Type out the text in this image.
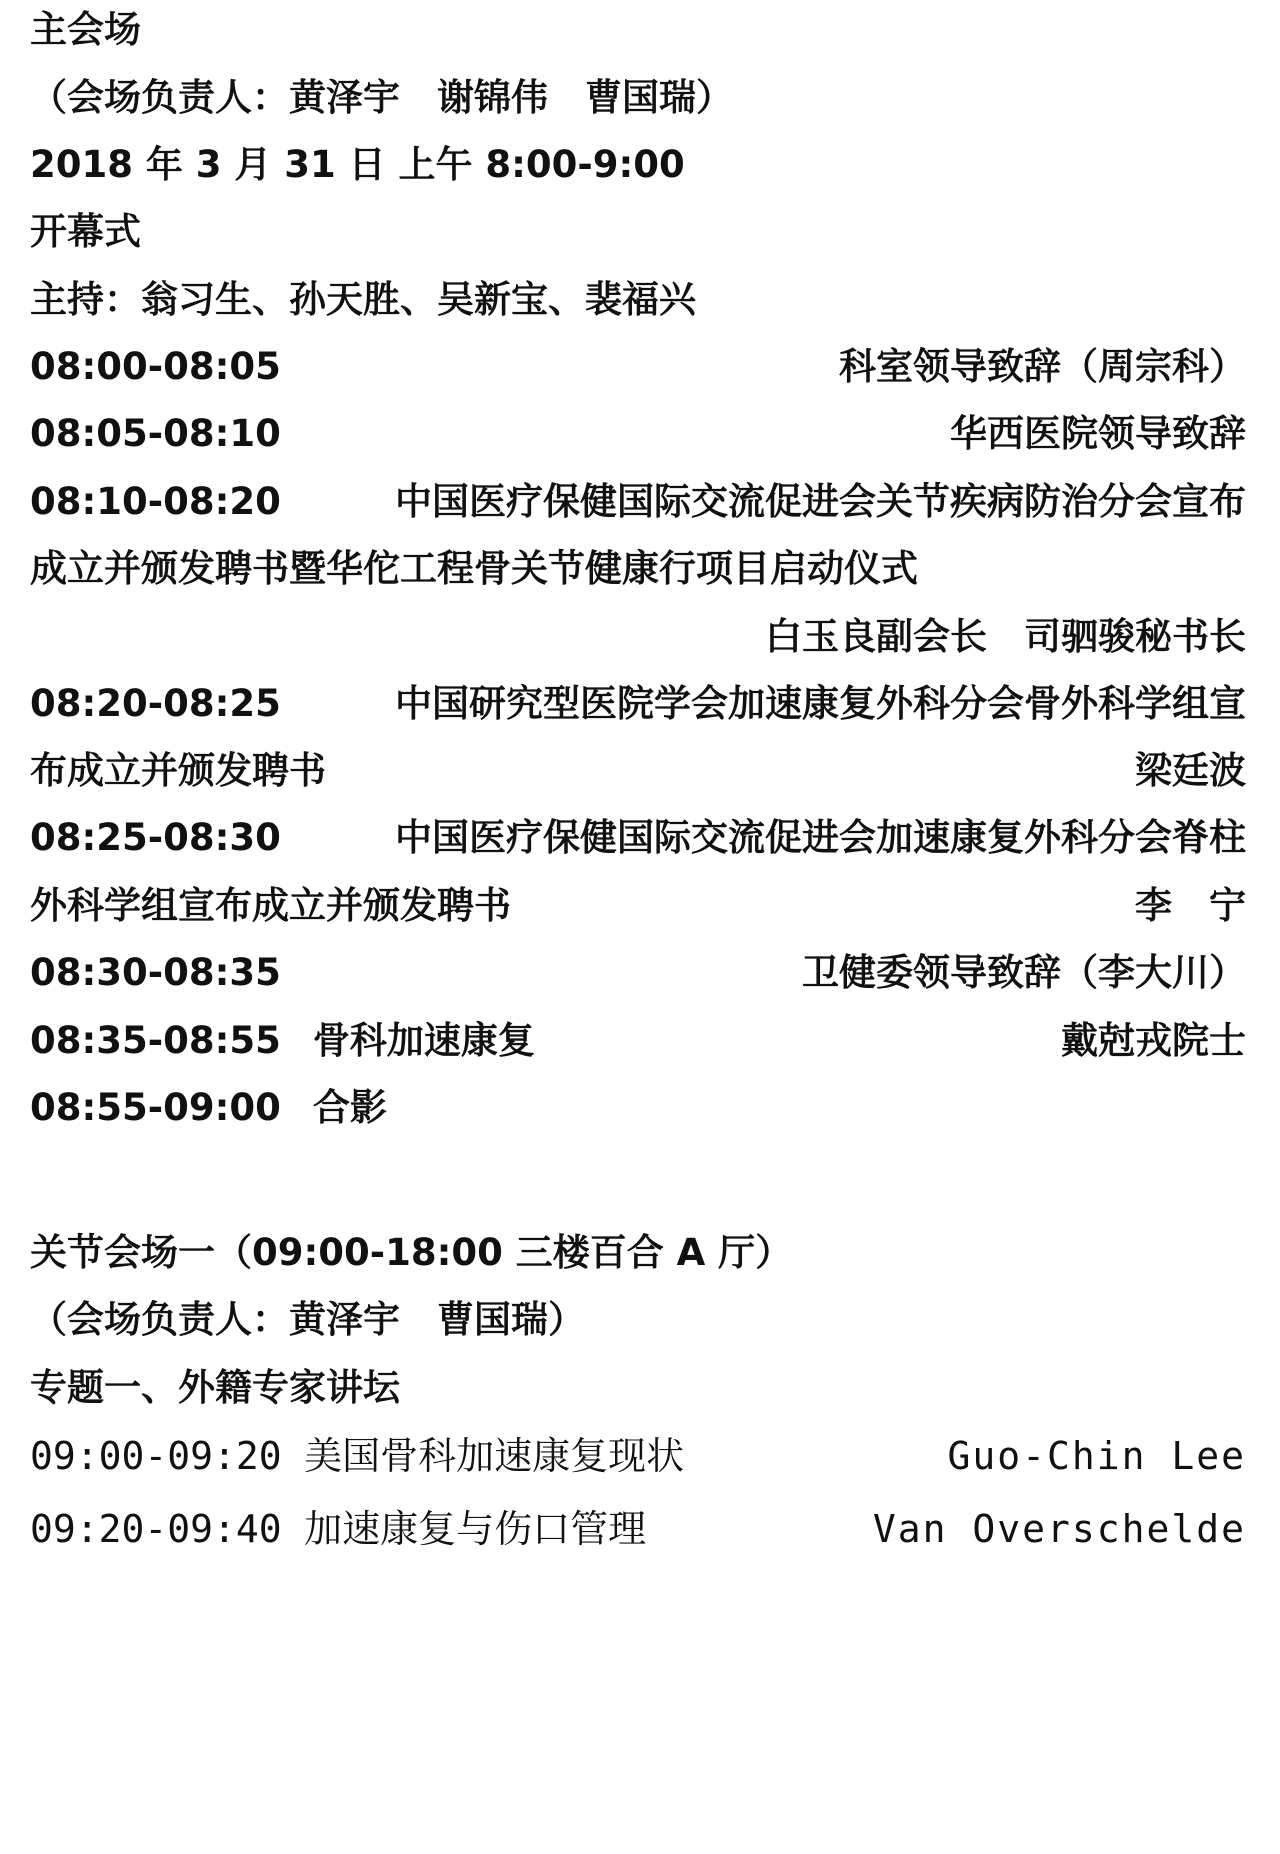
主会场
（会场负责人：黄泽宇　谢锦伟　曹国瑞）
2018 年 3 月 31 日 上午 8:00-9:00
开幕式
主持：翁习生、孙天胜、吴新宝、裴福兴
08:00-08:05	科室领导致辞（周宗科）
08:05-08:10	华西医院领导致辞
08:10-08:20	中国医疗保健国际交流促进会关节疾病防治分会宣布
成立并颁发聘书暨华佗工程骨关节健康行项目启动仪式
白玉良副会长　司驷骏秘书长
08:20-08:25	中国研究型医院学会加速康复外科分会骨外科学组宣
布成立并颁发聘书	梁廷波
08:25-08:30	中国医疗保健国际交流促进会加速康复外科分会脊柱
外科学组宣布成立并颁发聘书	李　宁
08:30-08:35	卫健委领导致辞（李大川）
08:35-08:55 骨科加速康复	戴尅戎院士
08:55-09:00 合影
关节会场一（09:00-18:00 三楼百合 A 厅）
（会场负责人：黄泽宇　曹国瑞）
专题一、外籍专家讲坛
09:00-09:20 美国骨科加速康复现状	Guo-Chin Lee
09:20-09:40 加速康复与伤口管理	Van Overschelde
